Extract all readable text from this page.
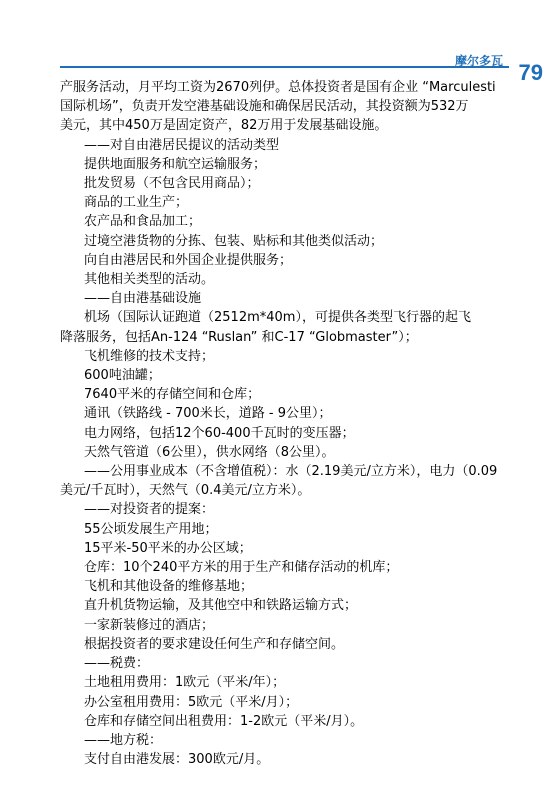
摩尔多瓦 79
产服务活动，月平均工资为2670列伊。总体投资者是国有企业 “Marculesti
国际机场”，负责开发空港基础设施和确保居民活动，其投资额为532万
美元，其中450万是固定资产，82万用于发展基础设施。
——对自由港居民提议的活动类型
提供地面服务和航空运输服务；
批发贸易（不包含民用商品）；
商品的工业生产；
农产品和食品加工；
过境空港货物的分拣、包装、贴标和其他类似活动；
向自由港居民和外国企业提供服务；
其他相关类型的活动。
——自由港基础设施
机场（国际认证跑道（2512m*40m），可提供各类型飞行器的起飞
降落服务，包括An-124 “Ruslan” 和C-17 “Globmaster”）；
飞机维修的技术支持；
600吨油罐；
7640平米的存储空间和仓库；
通讯（铁路线 - 700米长，道路 - 9公里）；
电力网络，包括12个60-400千瓦时的变压器；
天然气管道（6公里），供水网络（8公里）。
——公用事业成本（不含增值税）：水（2.19美元/立方米），电力（0.09
美元/千瓦时），天然气（0.4美元/立方米）。
——对投资者的提案：
55公顷发展生产用地；
15平米-50平米的办公区域；
仓库：10个240平方米的用于生产和储存活动的机库；
飞机和其他设备的维修基地；
直升机货物运输，及其他空中和铁路运输方式；
一家新装修过的酒店；
根据投资者的要求建设任何生产和存储空间。
——税费：
土地租用费用：1欧元（平米/年）；
办公室租用费用：5欧元（平米/月）；
仓库和存储空间出租费用：1-2欧元（平米/月）。
——地方税：
支付自由港发展：300欧元/月。
